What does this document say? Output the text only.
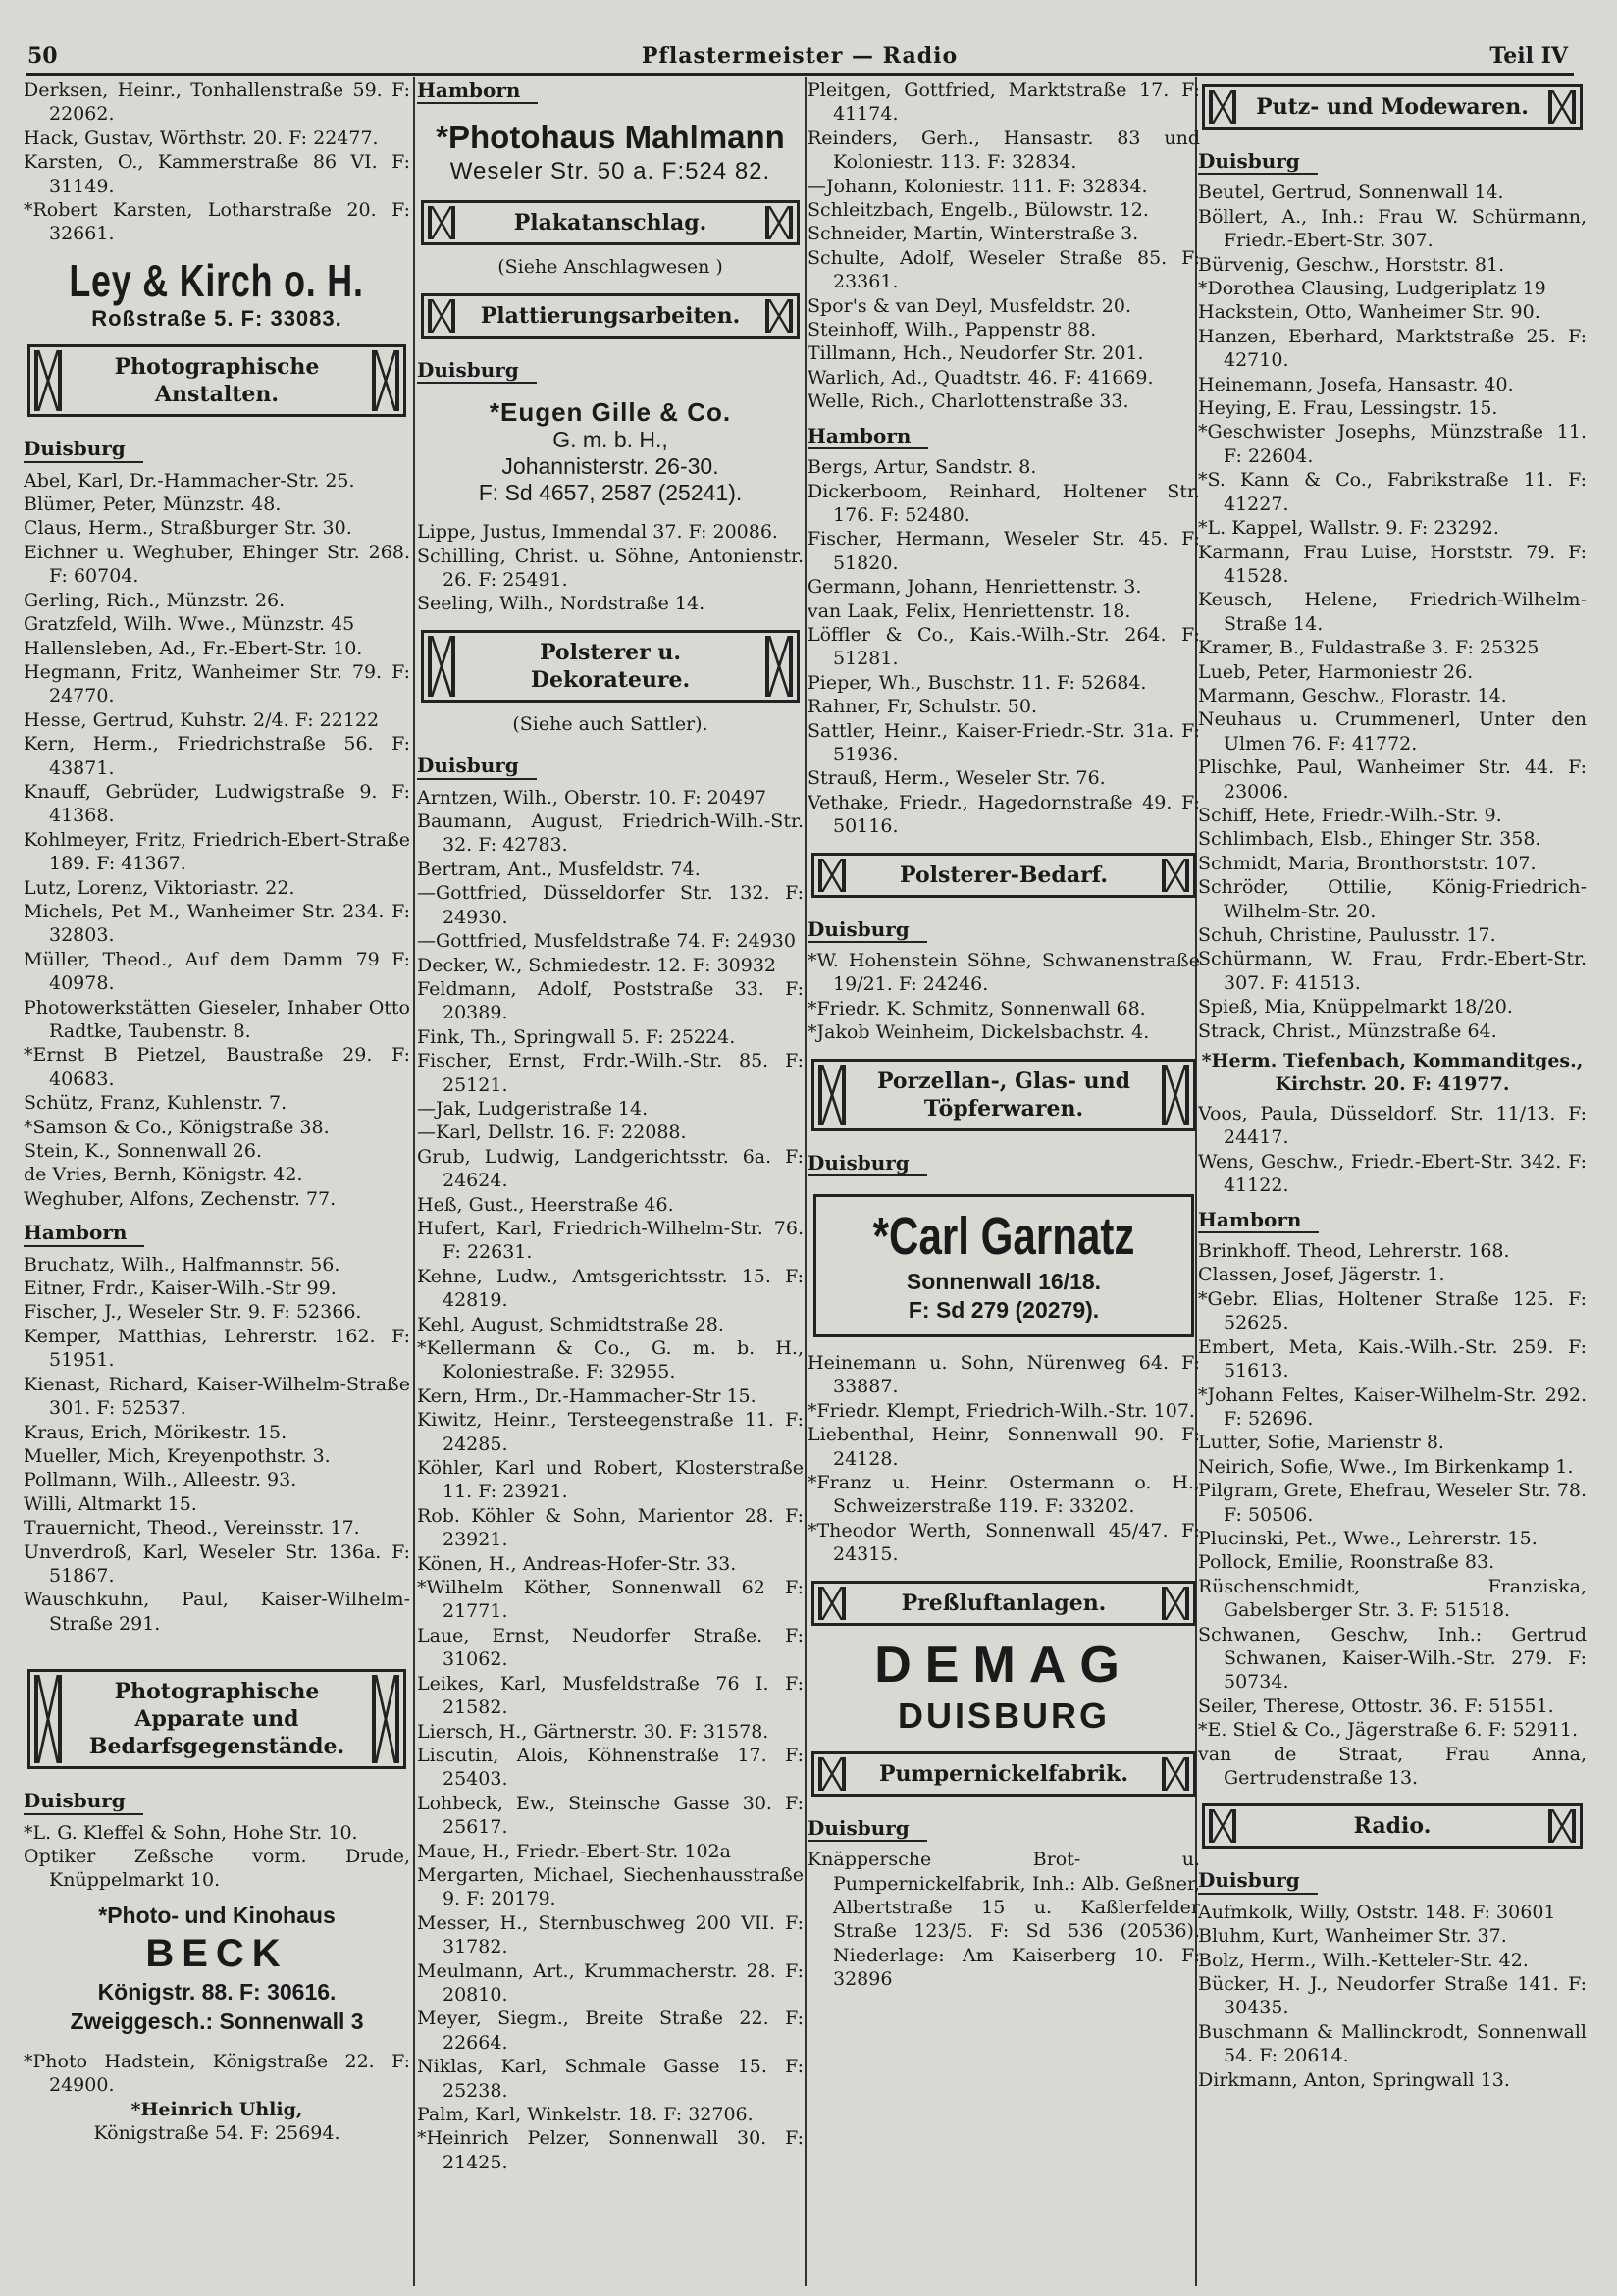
50	Pflastermeister — Radio	Teil IV

Derksen, Heinr., Tonhallenstraße 59. F: 22062.

Hack, Gustav, Wörthstr. 20. F: 22477.

Karsten, O., Kammerstraße 86 VI. F: 31149.

*Robert Karsten, Lotharstraße 20. F: 32661.

Ley & Kirch o. H.
Roßstraße 5. F: 33083.
Photographische Anstalten.
Duisburg

Abel, Karl, Dr.-Hammacher-Str. 25.

Blümer, Peter, Münzstr. 48.

Claus, Herm., Straßburger Str. 30.

Eichner u. Weghuber, Ehinger Str. 268. F: 60704.

Gerling, Rich., Münzstr. 26.

Gratzfeld, Wilh. Wwe., Münzstr. 45

Hallensleben, Ad., Fr.-Ebert-Str. 10.

Hegmann, Fritz, Wanheimer Str. 79. F: 24770.

Hesse, Gertrud, Kuhstr. 2/4. F: 22122

Kern, Herm., Friedrichstraße 56. F: 43871.

Knauff, Gebrüder, Ludwigstraße 9. F: 41368.

Kohlmeyer, Fritz, Friedrich-Ebert-Straße 189. F: 41367.

Lutz, Lorenz, Viktoriastr. 22.

Michels, Pet M., Wanheimer Str. 234. F: 32803.

Müller, Theod., Auf dem Damm 79 F: 40978.

Photowerkstätten Gieseler, Inhaber Otto Radtke, Taubenstr. 8.

*Ernst B Pietzel, Baustraße 29. F: 40683.

Schütz, Franz, Kuhlenstr. 7.

*Samson & Co., Königstraße 38.

Stein, K., Sonnenwall 26.

de Vries, Bernh, Königstr. 42.

Weghuber, Alfons, Zechenstr. 77.

Hamborn

Bruchatz, Wilh., Halfmannstr. 56.

Eitner, Frdr., Kaiser-Wilh.-Str 99.

Fischer, J., Weseler Str. 9. F: 52366.

Kemper, Matthias, Lehrerstr. 162. F: 51951.

Kienast, Richard, Kaiser-Wilhelm-Straße 301. F: 52537.

Kraus, Erich, Mörikestr. 15.

Mueller, Mich, Kreyenpothstr. 3.

Pollmann, Wilh., Alleestr. 93.

Willi, Altmarkt 15.

Trauernicht, Theod., Vereinsstr. 17.

Unverdroß, Karl, Weseler Str. 136a. F: 51867.

Wauschkuhn, Paul, Kaiser-Wilhelm-Straße 291.

Photographische Apparate und Bedarfsgegenstände.
Duisburg

*L. G. Kleffel & Sohn, Hohe Str. 10.

Optiker Zeßsche vorm. Drude, Knüppelmarkt 10.

*Photo- und Kinohaus
BECK
Königstr. 88. F: 30616.
Zweiggesch.: Sonnenwall 3

*Photo Hadstein, Königstraße 22. F: 24900.

*Heinrich Uhlig,
Königstraße 54. F: 25694.
Hamborn
*Photohaus Mahlmann
Weseler Str. 50 a. F:524 82.
Plakatanschlag.
(Siehe Anschlagwesen )
Plattierungsarbeiten.
Duisburg
*Eugen Gille & Co.
G. m. b. H.,
Johannisterstr. 26-30.
F: Sd 4657, 2587 (25241).

Lippe, Justus, Immendal 37. F: 20086.

Schilling, Christ. u. Söhne, Antonienstr. 26. F: 25491.

Seeling, Wilh., Nordstraße 14.

Polsterer u. Dekorateure.
(Siehe auch Sattler).
Duisburg

Arntzen, Wilh., Oberstr. 10. F: 20497

Baumann, August, Friedrich-Wilh.-Str. 32. F: 42783.

Bertram, Ant., Musfeldstr. 74.

—Gottfried, Düsseldorfer Str. 132. F: 24930.

—Gottfried, Musfeldstraße 74. F: 24930

Decker, W., Schmiedestr. 12. F: 30932

Feldmann, Adolf, Poststraße 33. F: 20389.

Fink, Th., Springwall 5. F: 25224.

Fischer, Ernst, Frdr.-Wilh.-Str. 85. F: 25121.

—Jak, Ludgeristraße 14.

—Karl, Dellstr. 16. F: 22088.

Grub, Ludwig, Landgerichtsstr. 6a. F: 24624.

Heß, Gust., Heerstraße 46.

Hufert, Karl, Friedrich-Wilhelm-Str. 76. F: 22631.

Kehne, Ludw., Amtsgerichtsstr. 15. F: 42819.

Kehl, August, Schmidtstraße 28.

*Kellermann & Co., G. m. b. H., Koloniestraße. F: 32955.

Kern, Hrm., Dr.-Hammacher-Str 15.

Kiwitz, Heinr., Tersteegenstraße 11. F: 24285.

Köhler, Karl und Robert, Klosterstraße 11. F: 23921.

Rob. Köhler & Sohn, Marientor 28. F: 23921.

Könen, H., Andreas-Hofer-Str. 33.

*Wilhelm Köther, Sonnenwall 62 F: 21771.

Laue, Ernst, Neudorfer Straße. F: 31062.

Leikes, Karl, Musfeldstraße 76 I. F: 21582.

Liersch, H., Gärtnerstr. 30. F: 31578.

Liscutin, Alois, Köhnenstraße 17. F: 25403.

Lohbeck, Ew., Steinsche Gasse 30. F: 25617.

Maue, H., Friedr.-Ebert-Str. 102a

Mergarten, Michael, Siechenhausstraße 9. F: 20179.

Messer, H., Sternbuschweg 200 VII. F: 31782.

Meulmann, Art., Krummacherstr. 28. F: 20810.

Meyer, Siegm., Breite Straße 22. F: 22664.

Niklas, Karl, Schmale Gasse 15. F: 25238.

Palm, Karl, Winkelstr. 18. F: 32706.

*Heinrich Pelzer, Sonnenwall 30. F: 21425.

Pleitgen, Gottfried, Marktstraße 17. F: 41174.

Reinders, Gerh., Hansastr. 83 und Koloniestr. 113. F: 32834.

—Johann, Koloniestr. 111. F: 32834.

Schleitzbach, Engelb., Bülowstr. 12.

Schneider, Martin, Winterstraße 3.

Schulte, Adolf, Weseler Straße 85. F: 23361.

Spor's & van Deyl, Musfeldstr. 20.

Steinhoff, Wilh., Pappenstr 88.

Tillmann, Hch., Neudorfer Str. 201.

Warlich, Ad., Quadtstr. 46. F: 41669.

Welle, Rich., Charlottenstraße 33.

Hamborn

Bergs, Artur, Sandstr. 8.

Dickerboom, Reinhard, Holtener Str. 176. F: 52480.

Fischer, Hermann, Weseler Str. 45. F: 51820.

Germann, Johann, Henriettenstr. 3.

van Laak, Felix, Henriettenstr. 18.

Löffler & Co., Kais.-Wilh.-Str. 264. F: 51281.

Pieper, Wh., Buschstr. 11. F: 52684.

Rahner, Fr, Schulstr. 50.

Sattler, Heinr., Kaiser-Friedr.-Str. 31a. F: 51936.

Strauß, Herm., Weseler Str. 76.

Vethake, Friedr., Hagedornstraße 49. F: 50116.

Polsterer-Bedarf.
Duisburg

*W. Hohenstein Söhne, Schwanenstraße 19/21. F: 24246.

*Friedr. K. Schmitz, Sonnenwall 68.

*Jakob Weinheim, Dickelsbachstr. 4.

Porzellan-, Glas- und Töpferwaren.
Duisburg
*Carl Garnatz
Sonnenwall 16/18.
F: Sd 279 (20279).

Heinemann u. Sohn, Nürenweg 64. F: 33887.

*Friedr. Klempt, Friedrich-Wilh.-Str. 107.

Liebenthal, Heinr, Sonnenwall 90. F: 24128.

*Franz u. Heinr. Ostermann o. H., Schweizerstraße 119. F: 33202.

*Theodor Werth, Sonnenwall 45/47. F: 24315.

Preßluftanlagen.
DEMAG
DUISBURG
Pumpernickelfabrik.
Duisburg

Knäppersche Brot- u. Pumpernickelfabrik, Inh.: Alb. Geßner, Albertstraße 15 u. Kaßlerfelder Straße 123/5. F: Sd 536 (20536). Niederlage: Am Kaiserberg 10. F: 32896

Putz- und Modewaren.
Duisburg

Beutel, Gertrud, Sonnenwall 14.

Böllert, A., Inh.: Frau W. Schürmann, Friedr.-Ebert-Str. 307.

Bürvenig, Geschw., Horststr. 81.

*Dorothea Clausing, Ludgeriplatz 19

Hackstein, Otto, Wanheimer Str. 90.

Hanzen, Eberhard, Marktstraße 25. F: 42710.

Heinemann, Josefa, Hansastr. 40.

Heying, E. Frau, Lessingstr. 15.

*Geschwister Josephs, Münzstraße 11. F: 22604.

*S. Kann & Co., Fabrikstraße 11. F: 41227.

*L. Kappel, Wallstr. 9. F: 23292.

Karmann, Frau Luise, Horststr. 79. F: 41528.

Keusch, Helene, Friedrich-Wilhelm-Straße 14.

Kramer, B., Fuldastraße 3. F: 25325

Lueb, Peter, Harmoniestr 26.

Marmann, Geschw., Florastr. 14.

Neuhaus u. Crummenerl, Unter den Ulmen 76. F: 41772.

Plischke, Paul, Wanheimer Str. 44. F: 23006.

Schiff, Hete, Friedr.-Wilh.-Str. 9.

Schlimbach, Elsb., Ehinger Str. 358.

Schmidt, Maria, Bronthorststr. 107.

Schröder, Ottilie, König-Friedrich-Wilhelm-Str. 20.

Schuh, Christine, Paulusstr. 17.

Schürmann, W. Frau, Frdr.-Ebert-Str. 307. F: 41513.

Spieß, Mia, Knüppelmarkt 18/20.

Strack, Christ., Münzstraße 64.

*Herm. Tiefenbach, Kommanditges.,
Kirchstr. 20. F: 41977.

Voos, Paula, Düsseldorf. Str. 11/13. F: 24417.

Wens, Geschw., Friedr.-Ebert-Str. 342. F: 41122.

Hamborn

Brinkhoff. Theod, Lehrerstr. 168.

Classen, Josef, Jägerstr. 1.

*Gebr. Elias, Holtener Straße 125. F: 52625.

Embert, Meta, Kais.-Wilh.-Str. 259. F: 51613.

*Johann Feltes, Kaiser-Wilhelm-Str. 292. F: 52696.

Lutter, Sofie, Marienstr 8.

Neirich, Sofie, Wwe., Im Birkenkamp 1.

Pilgram, Grete, Ehefrau, Weseler Str. 78. F: 50506.

Plucinski, Pet., Wwe., Lehrerstr. 15.

Pollock, Emilie, Roonstraße 83.

Rüschenschmidt, Franziska, Gabelsberger Str. 3. F: 51518.

Schwanen, Geschw, Inh.: Gertrud Schwanen, Kaiser-Wilh.-Str. 279. F: 50734.

Seiler, Therese, Ottostr. 36. F: 51551.

*E. Stiel & Co., Jägerstraße 6. F: 52911.

van de Straat, Frau Anna, Gertrudenstraße 13.

Radio.
Duisburg

Aufmkolk, Willy, Oststr. 148. F: 30601

Bluhm, Kurt, Wanheimer Str. 37.

Bolz, Herm., Wilh.-Ketteler-Str. 42.

Bücker, H. J., Neudorfer Straße 141. F: 30435.

Buschmann & Mallinckrodt, Sonnenwall 54. F: 20614.

Dirkmann, Anton, Springwall 13.
